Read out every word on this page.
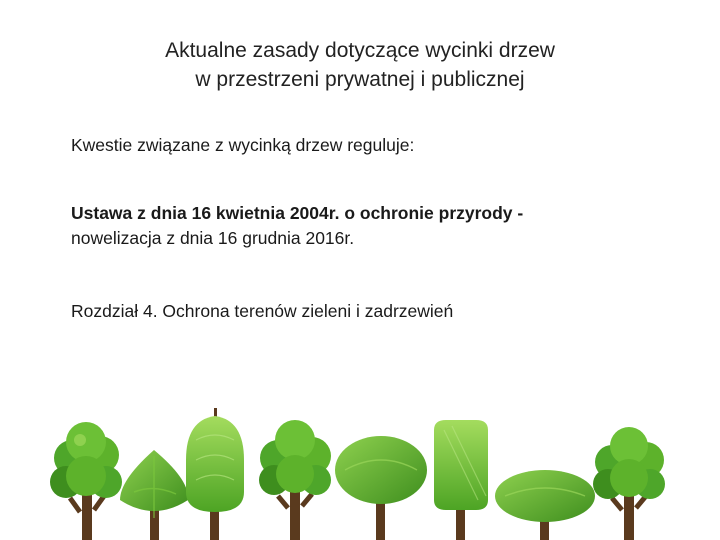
Aktualne zasady dotyczące wycinki drzew
w przestrzeni prywatnej i publicznej
Kwestie związane z wycinką drzew reguluje:
Ustawa z dnia 16 kwietnia 2004r. o ochronie przyrody -
nowelizacja z dnia 16 grudnia 2016r.
Rozdział 4. Ochrona terenów zieleni i zadrzewień
